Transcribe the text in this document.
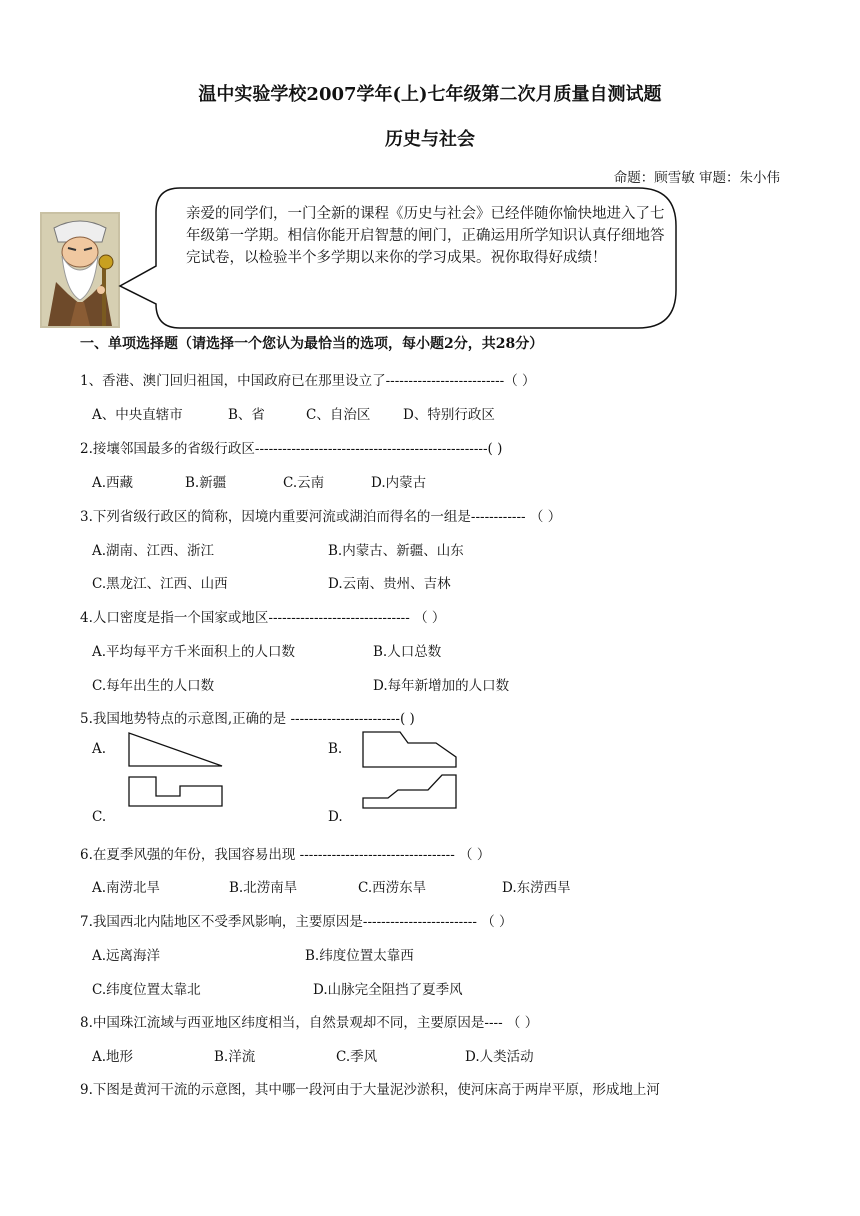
温中实验学校2007学年(上)七年级第二次月质量自测试题
历史与社会
命题：顾雪敏 审题：朱小伟
亲爱的同学们，一门全新的课程《历史与社会》已经伴随你愉快地进入了七年级第一学期。相信你能开启智慧的闸门，正确运用所学知识认真仔细地答完试卷，以检验半个多学期以来你的学习成果。祝你取得好成绩！
一、单项选择题（请选择一个您认为最恰当的选项，每小题2分，共28分）
1、香港、澳门回归祖国，中国政府已在那里设立了--------------------------（ ）
A、中央直辖市	B、省	C、自治区 D、特别行政区
2.接壤邻国最多的省级行政区---------------------------------------------------( )
A.西藏	B.新疆	C.云南	D.内蒙古
3.下列省级行政区的简称，因境内重要河流或湖泊而得名的一组是------------ （ ）
A.湖南、江西、浙江	B.内蒙古、新疆、山东
C.黑龙江、江西、山西	D.云南、贵州、吉林
4.人口密度是指一个国家或地区------------------------------- （ ）
A.平均每平方千米面积上的人口数	B.人口总数
C.每年出生的人口数	D.每年新增加的人口数
5.我国地势特点的示意图,正确的是 ------------------------( )
A.	B.
C.	D.
6.在夏季风强的年份，我国容易出现 ---------------------------------- （ ）
A.南涝北旱	B.北涝南旱	C.西涝东旱	D.东涝西旱
7.我国西北内陆地区不受季风影响，主要原因是------------------------- （ ）
A.远离海洋	B.纬度位置太靠西
C.纬度位置太靠北	D.山脉完全阻挡了夏季风
8.中国珠江流域与西亚地区纬度相当，自然景观却不同，主要原因是---- （ ）
A.地形	B.洋流	C.季风	D.人类活动
9.下图是黄河干流的示意图，其中哪一段河由于大量泥沙淤积，使河床高于两岸平原，形成地上河
